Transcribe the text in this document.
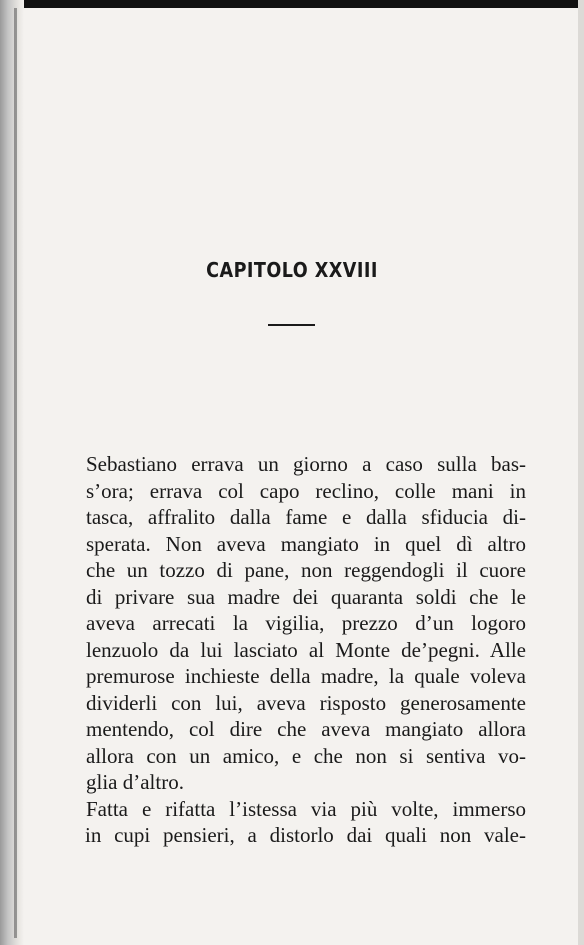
CAPITOLO XXVIII
Sebastiano errava un giorno a caso sulla bas-
s’ora; errava col capo reclino, colle mani in
tasca, affralito dalla fame e dalla sfiducia di-
sperata. Non aveva mangiato in quel dì altro
che un tozzo di pane, non reggendogli il cuore
di privare sua madre dei quaranta soldi che le
aveva arrecati la vigilia, prezzo d’un logoro
lenzuolo da lui lasciato al Monte de’pegni. Alle
premurose inchieste della madre, la quale voleva
dividerli con lui, aveva risposto generosamente
mentendo, col dire che aveva mangiato allora
allora con un amico, e che non si sentiva vo-
glia d’altro.
Fatta e rifatta l’istessa via più volte, immerso
in cupi pensieri, a distorlo dai quali non vale-
